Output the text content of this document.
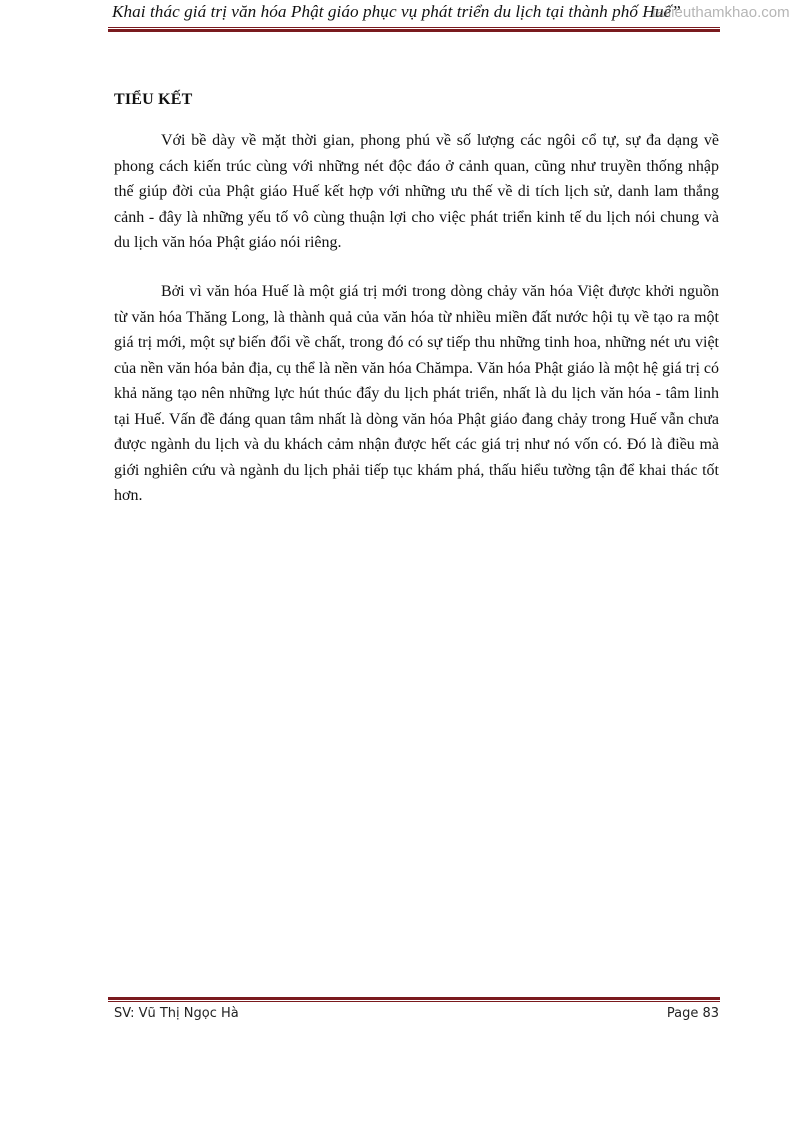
Khai thác giá trị văn hóa Phật giáo phục vụ phát triển du lịch tại thành phố Huế”
tailieuthamkhao.com
TIỂU KẾT

Với bề dày về mặt thời gian, phong phú về số lượng các ngôi cổ tự, sự đa dạng về phong cách kiến trúc cùng với những nét độc đáo ở cảnh quan, cũng như truyền thống nhập thế giúp đời của Phật giáo Huế kết hợp với những ưu thế về di tích lịch sử, danh lam thắng cảnh - đây là những yếu tố vô cùng thuận lợi cho việc phát triển kinh tế du lịch nói chung và du lịch văn hóa Phật giáo nói riêng.

Bởi vì văn hóa Huế là một giá trị mới trong dòng chảy văn hóa Việt được khởi nguồn từ văn hóa Thăng Long, là thành quả của văn hóa từ nhiều miền đất nước hội tụ về tạo ra một giá trị mới, một sự biến đổi về chất, trong đó có sự tiếp thu những tinh hoa, những nét ưu việt của nền văn hóa bản địa, cụ thể là nền văn hóa Chămpa. Văn hóa Phật giáo là một hệ giá trị có khả năng tạo nên những lực hút thúc đẩy du lịch phát triển, nhất là du lịch văn hóa - tâm linh tại Huế. Vấn đề đáng quan tâm nhất là dòng văn hóa Phật giáo đang chảy trong Huế vẫn chưa được ngành du lịch và du khách cảm nhận được hết các giá trị như nó vốn có. Đó là điều mà giới nghiên cứu và ngành du lịch phải tiếp tục khám phá, thấu hiểu tường tận để khai thác tốt hơn.

SV: Vũ Thị Ngọc Hà	Page 83
